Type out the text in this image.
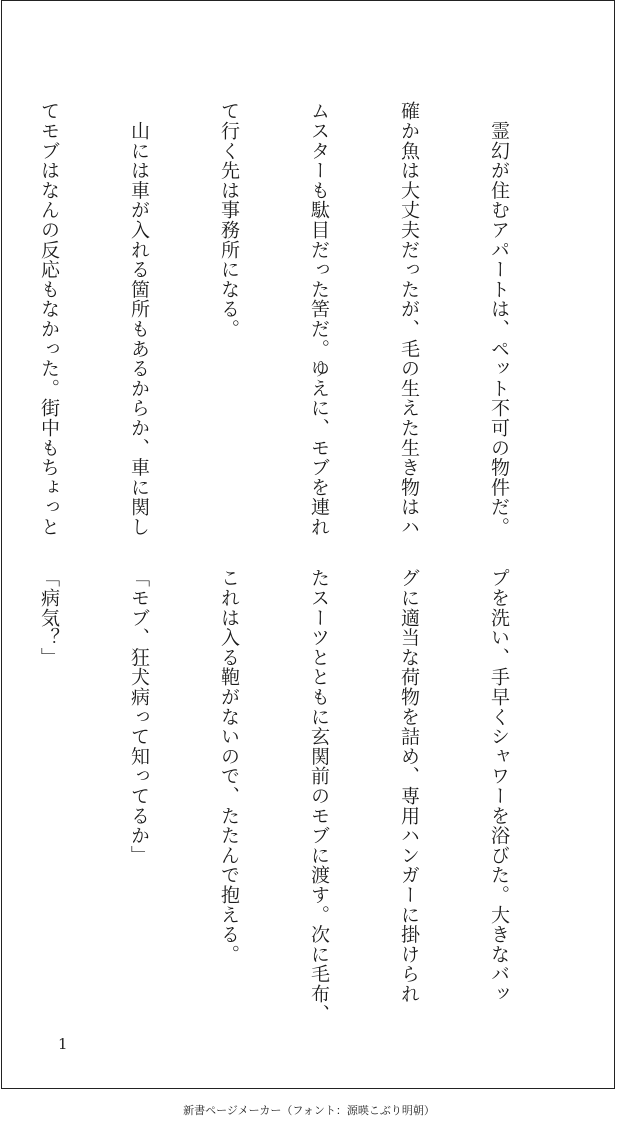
　霊幻が住むアパートは、ペット不可の物件だ。

確か魚は大丈夫だったが、毛の生えた生き物はハ

ムスターも駄目だった筈だ。ゆえに、モブを連れ

て行く先は事務所になる。

　山には車が入れる箇所もあるからか、車に関し

てモブはなんの反応もなかった。街中もちょっと

プを洗い、手早くシャワーを浴びた。大きなバッ

グに適当な荷物を詰め、専用ハンガーに掛けられ

たスーツとともに玄関前のモブに渡す。次に毛布、

これは入る鞄がないので、たたんで抱える。

「モブ、狂犬病って知ってるか」

「病気？」

1
新書ページメーカー（フォント：源暎こぶり明朝）
